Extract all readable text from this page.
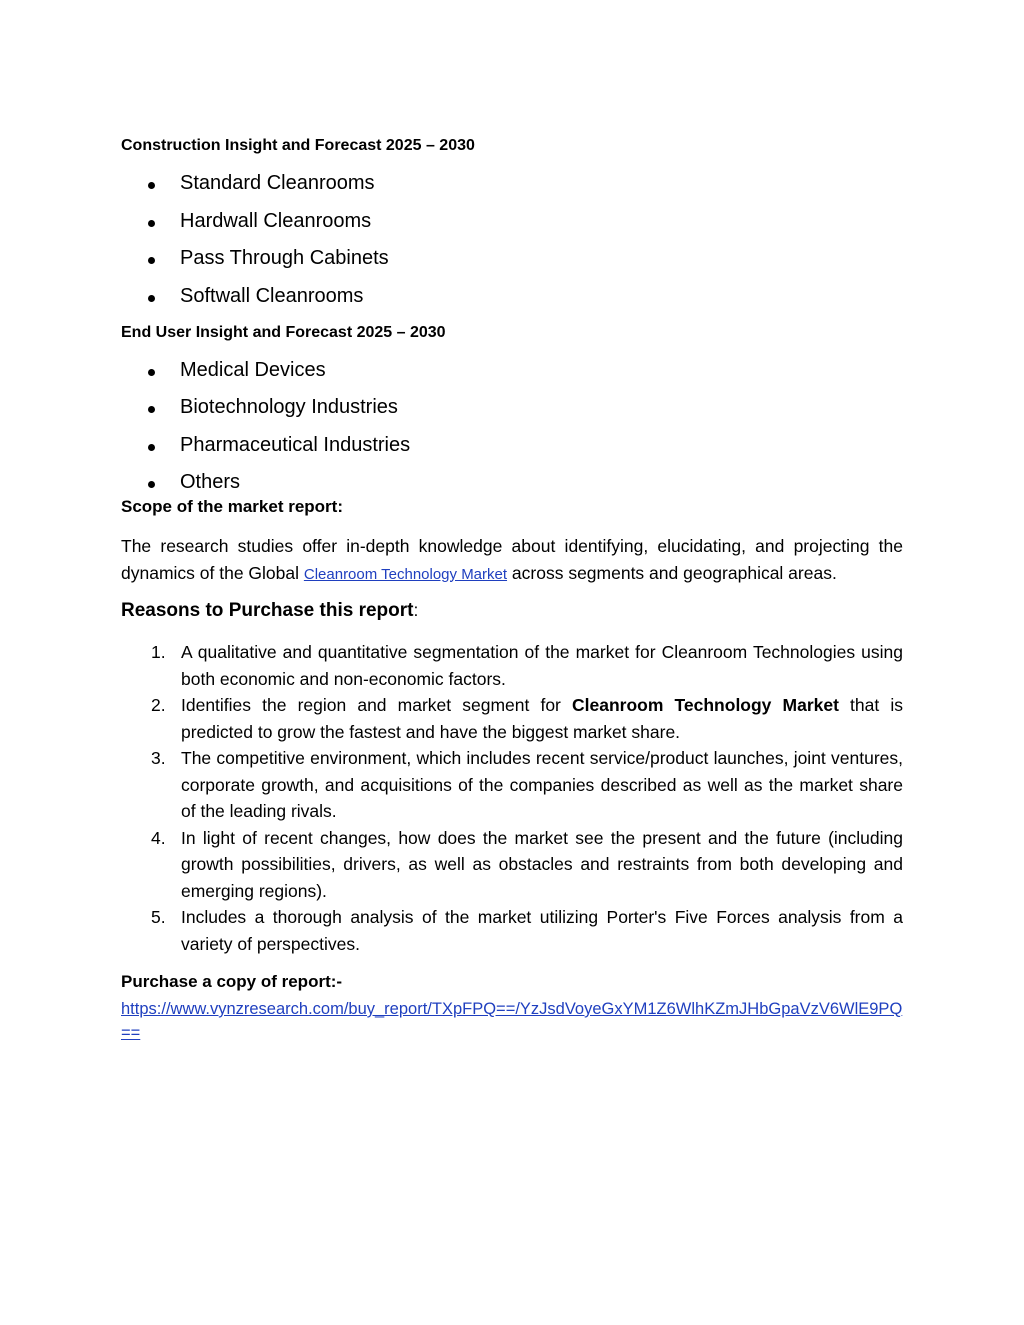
Construction Insight and Forecast 2025 – 2030
Standard Cleanrooms
Hardwall Cleanrooms
Pass Through Cabinets
Softwall Cleanrooms
End User Insight and Forecast 2025 – 2030
Medical Devices
Biotechnology Industries
Pharmaceutical Industries
Others
Scope of the market report:
The research studies offer in-depth knowledge about identifying, elucidating, and projecting the dynamics of the Global Cleanroom Technology Market across segments and geographical areas.
Reasons to Purchase this report:
1. A qualitative and quantitative segmentation of the market for Cleanroom Technologies using both economic and non-economic factors.
2. Identifies the region and market segment for Cleanroom Technology Market that is predicted to grow the fastest and have the biggest market share.
3. The competitive environment, which includes recent service/product launches, joint ventures, corporate growth, and acquisitions of the companies described as well as the market share of the leading rivals.
4. In light of recent changes, how does the market see the present and the future (including growth possibilities, drivers, as well as obstacles and restraints from both developing and emerging regions).
5. Includes a thorough analysis of the market utilizing Porter's Five Forces analysis from a variety of perspectives.
Purchase a copy of report:-
https://www.vynzresearch.com/buy_report/TXpFPQ==/YzJsdVoyeGxYM1Z6WlhKZmJHbGpaVzV6WlE9PQ==
